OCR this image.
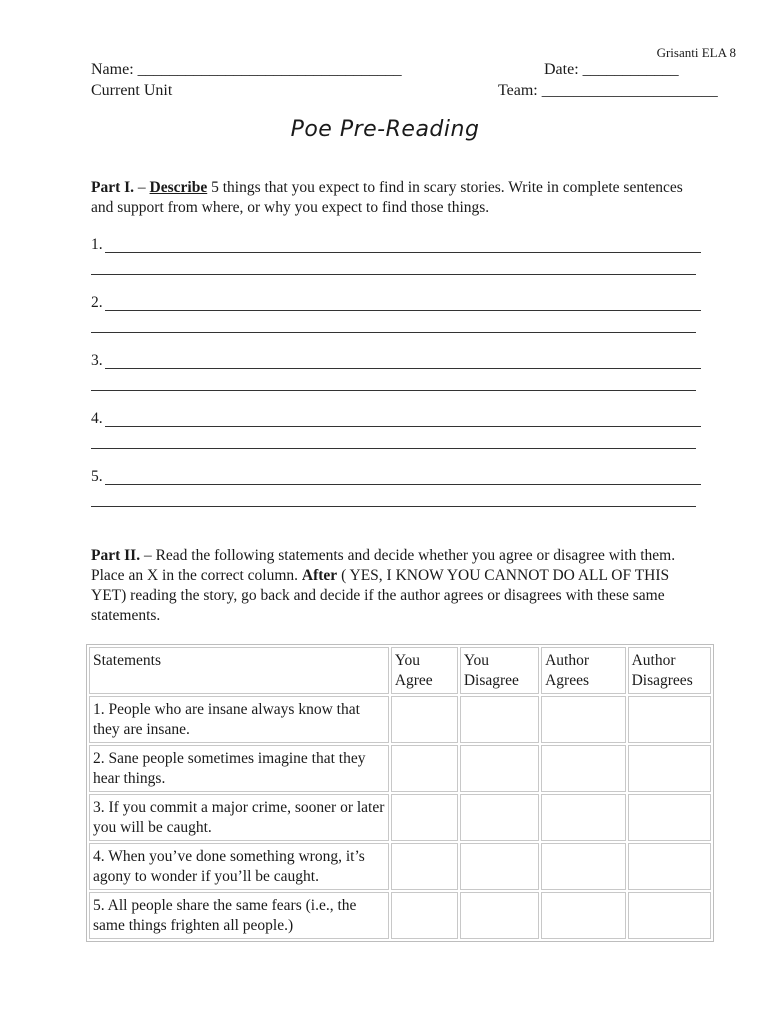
Grisanti ELA 8
Name: _________________________________	Date: ____________
Current Unit	Team: ______________________
Poe Pre-Reading
Part I. – Describe 5 things that you expect to find in scary stories. Write in complete sentences and support from where, or why you expect to find those things.
1.
2.
3.
4.
5.
Part II. – Read the following statements and decide whether you agree or disagree with them. Place an X in the correct column. After ( YES, I KNOW YOU CANNOT DO ALL OF THIS YET) reading the story, go back and decide if the author agrees or disagrees with these same statements.
Statements	You Agree	You Disagree	Author Agrees	Author Disagrees
1. People who are insane always know that they are insane.				
2. Sane people sometimes imagine that they hear things.				
3. If you commit a major crime, sooner or later you will be caught.				
4. When you’ve done something wrong, it’s agony to wonder if you’ll be caught.				
5. All people share the same fears (i.e., the same things frighten all people.)				
